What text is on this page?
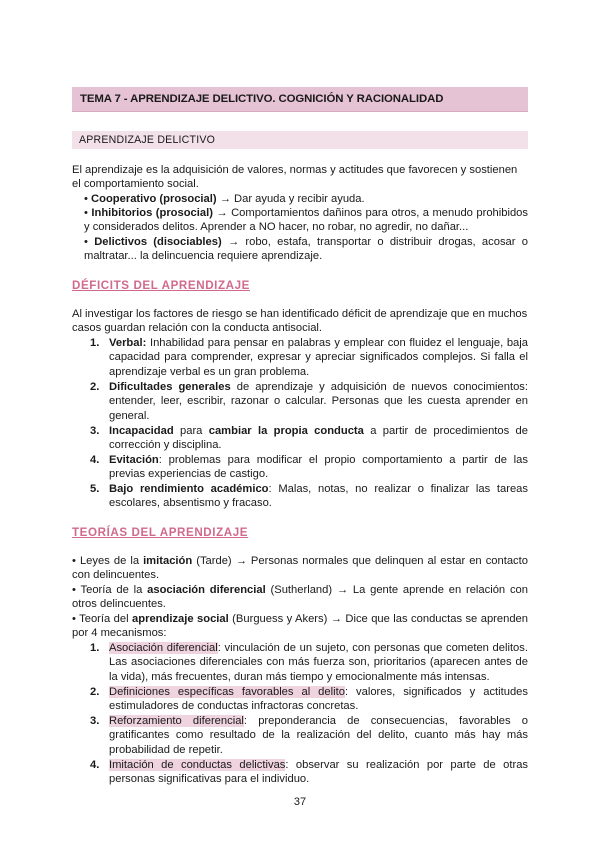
TEMA 7 - APRENDIZAJE DELICTIVO. COGNICIÓN Y RACIONALIDAD
APRENDIZAJE DELICTIVO
El aprendizaje es la adquisición de valores, normas y actitudes que favorecen y sostienen el comportamiento social.
• Cooperativo (prosocial) → Dar ayuda y recibir ayuda.
• Inhibitorios (prosocial) → Comportamientos dañinos para otros, a menudo prohibidos y considerados delitos. Aprender a NO hacer, no robar, no agredir, no dañar...
• Delictivos (disociables) → robo, estafa, transportar o distribuir drogas, acosar o maltratar... la delincuencia requiere aprendizaje.
DÉFICITS DEL APRENDIZAJE
Al investigar los factores de riesgo se han identificado déficit de aprendizaje que en muchos casos guardan relación con la conducta antisocial.
1. Verbal: Inhabilidad para pensar en palabras y emplear con fluidez el lenguaje, baja capacidad para comprender, expresar y apreciar significados complejos. Si falla el aprendizaje verbal es un gran problema.
2. Dificultades generales de aprendizaje y adquisición de nuevos conocimientos: entender, leer, escribir, razonar o calcular. Personas que les cuesta aprender en general.
3. Incapacidad para cambiar la propia conducta a partir de procedimientos de corrección y disciplina.
4. Evitación: problemas para modificar el propio comportamiento a partir de las previas experiencias de castigo.
5. Bajo rendimiento académico: Malas, notas, no realizar o finalizar las tareas escolares, absentismo y fracaso.
TEORÍAS DEL APRENDIZAJE
• Leyes de la imitación (Tarde) → Personas normales que delinquen al estar en contacto con delincuentes.
• Teoría de la asociación diferencial (Sutherland) → La gente aprende en relación con otros delincuentes.
• Teoría del aprendizaje social (Burguess y Akers) → Dice que las conductas se aprenden por 4 mecanismos:
1. Asociación diferencial: vinculación de un sujeto, con personas que cometen delitos. Las asociaciones diferenciales con más fuerza son, prioritarios (aparecen antes de la vida), más frecuentes, duran más tiempo y emocionalmente más intensas.
2. Definiciones específicas favorables al delito: valores, significados y actitudes estimuladores de conductas infractoras concretas.
3. Reforzamiento diferencial: preponderancia de consecuencias, favorables o gratificantes como resultado de la realización del delito, cuanto más hay más probabilidad de repetir.
4. Imitación de conductas delictivas: observar su realización por parte de otras personas significativas para el individuo.
37
